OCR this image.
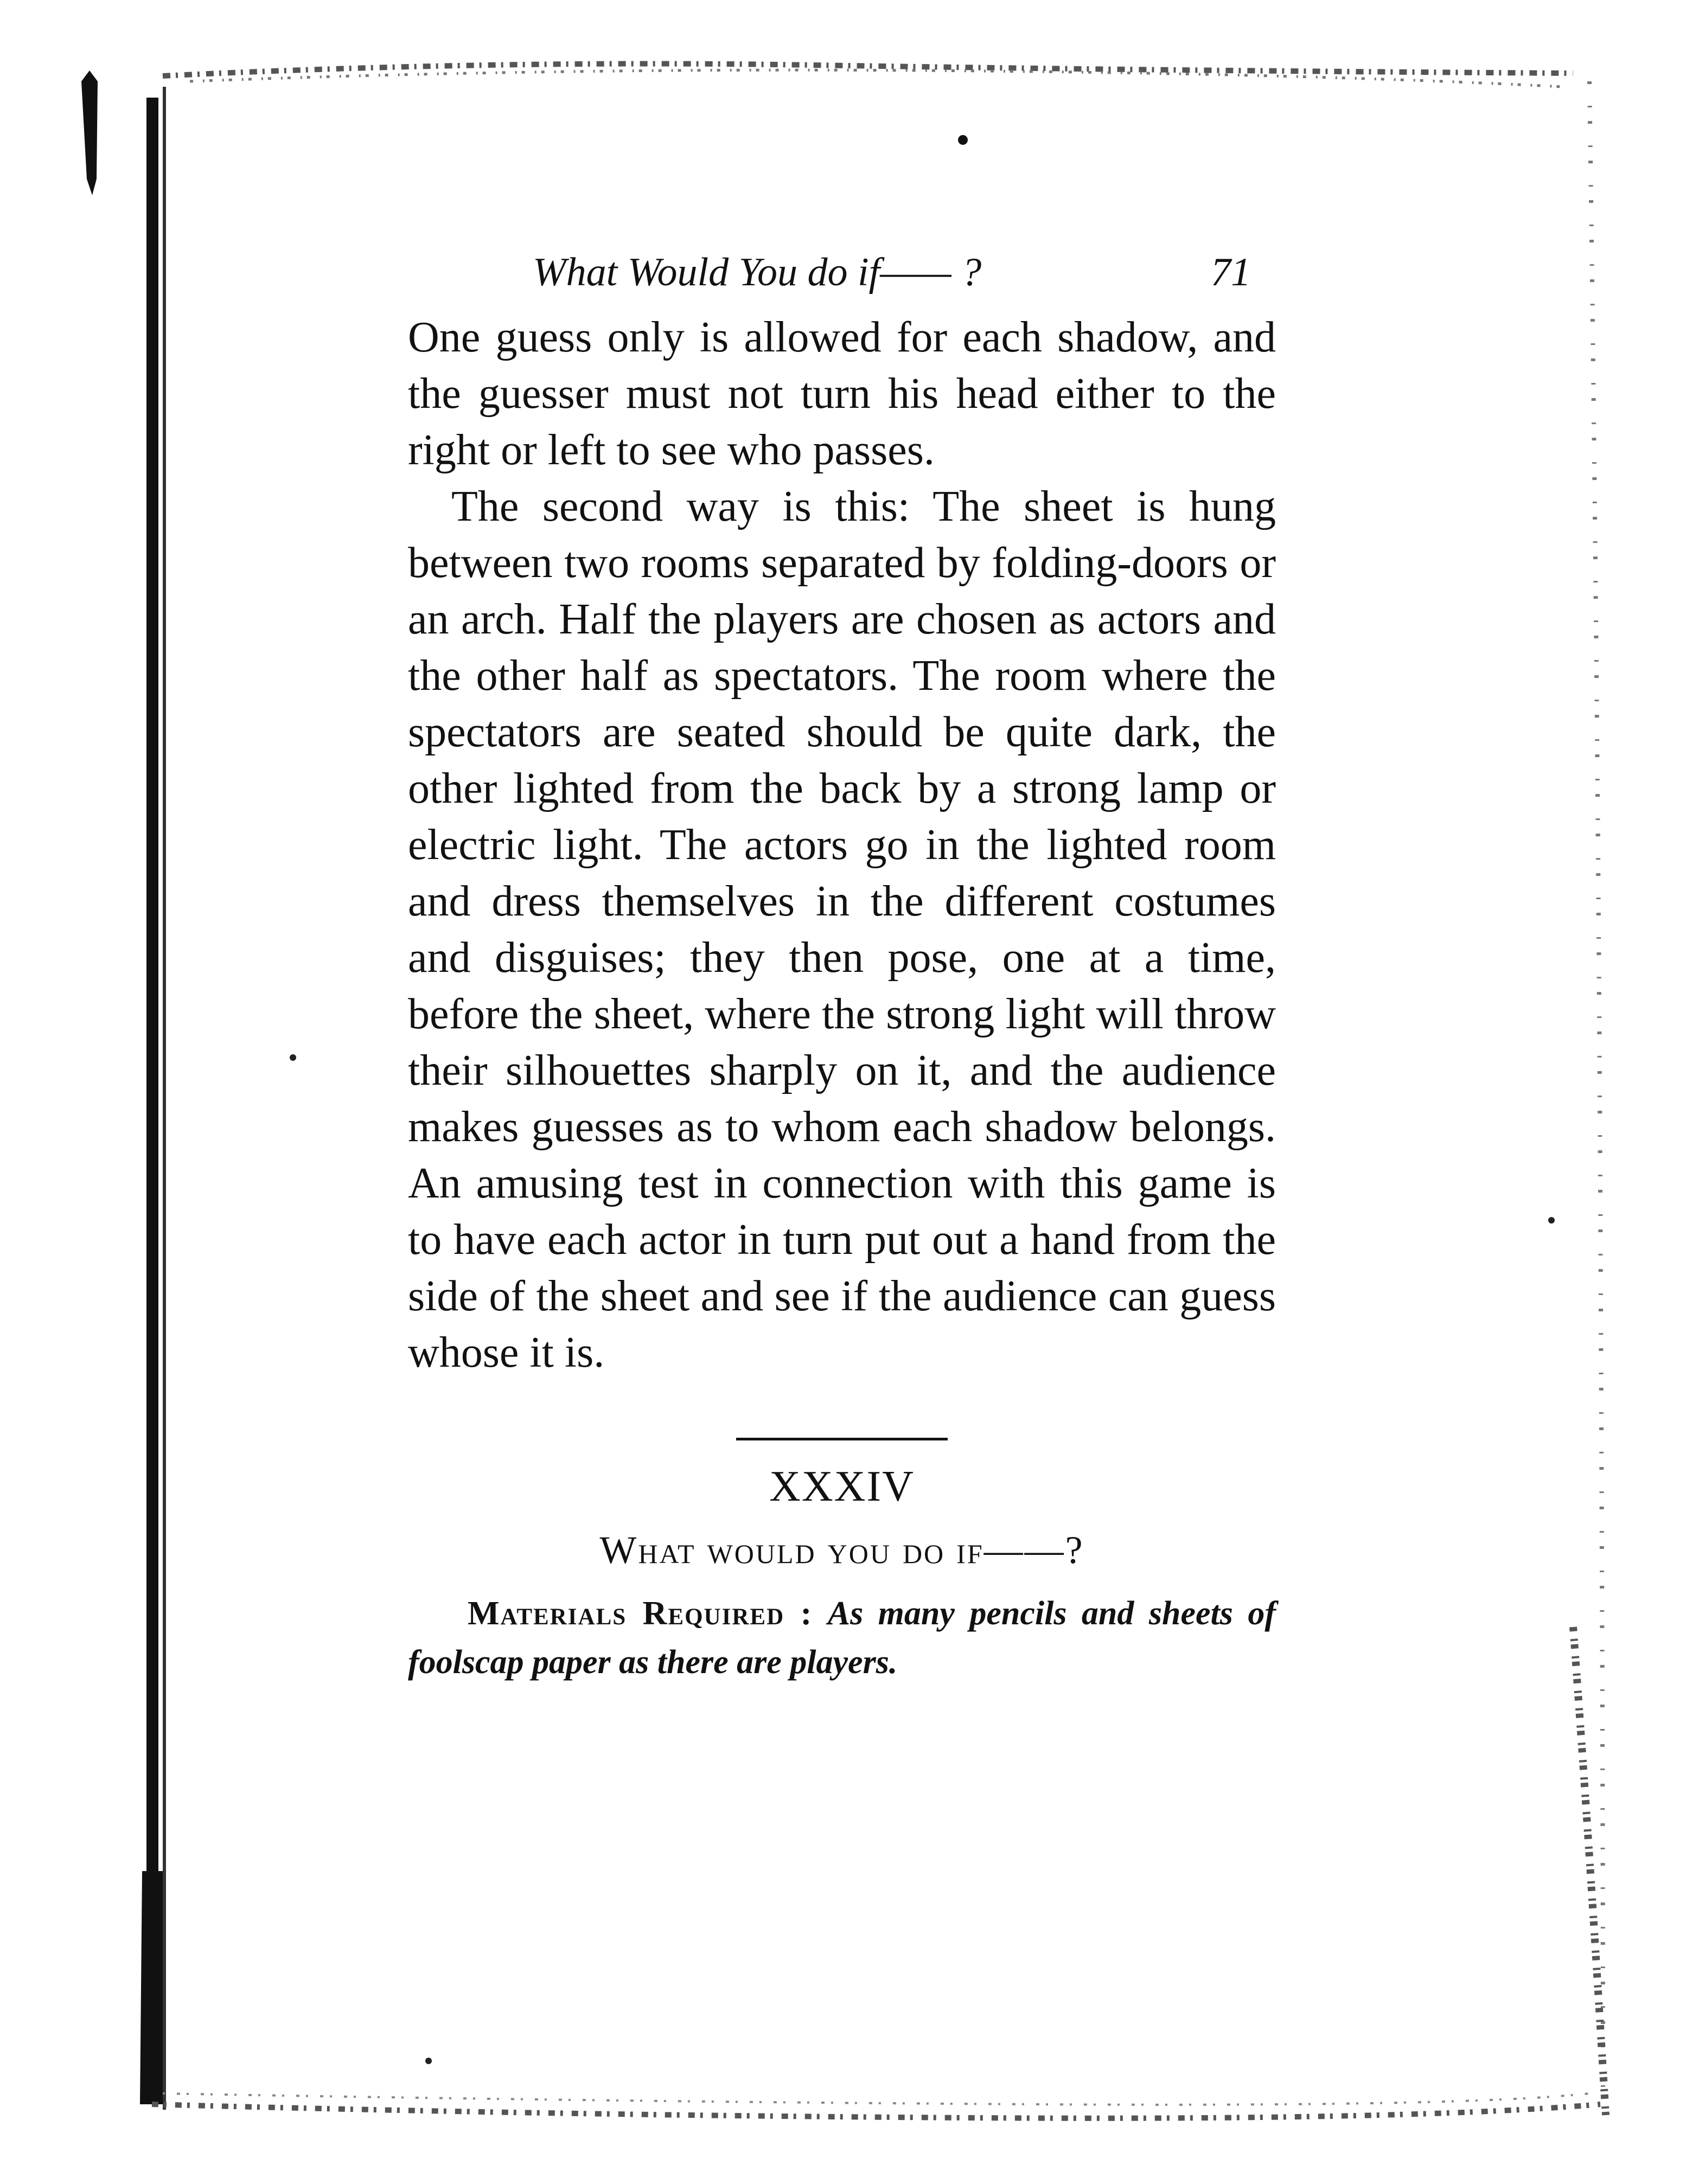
What Would You do if—— ?	71

One guess only is allowed for each shadow, and the guesser must not turn his head either to the right or left to see who passes.

The second way is this: The sheet is hung between two rooms separated by folding-doors or an arch. Half the players are chosen as actors and the other half as spectators. The room where the spectators are seated should be quite dark, the other lighted from the back by a strong lamp or electric light. The actors go in the lighted room and dress themselves in the different costumes and disguises; they then pose, one at a time, before the sheet, where the strong light will throw their silhouettes sharply on it, and the audience makes guesses as to whom each shadow belongs. An amusing test in connection with this game is to have each actor in turn put out a hand from the side of the sheet and see if the audience can guess whose it is.

XXXIV
What would you do if——?
Materials Required : As many pencils and sheets of foolscap paper as there are players.
